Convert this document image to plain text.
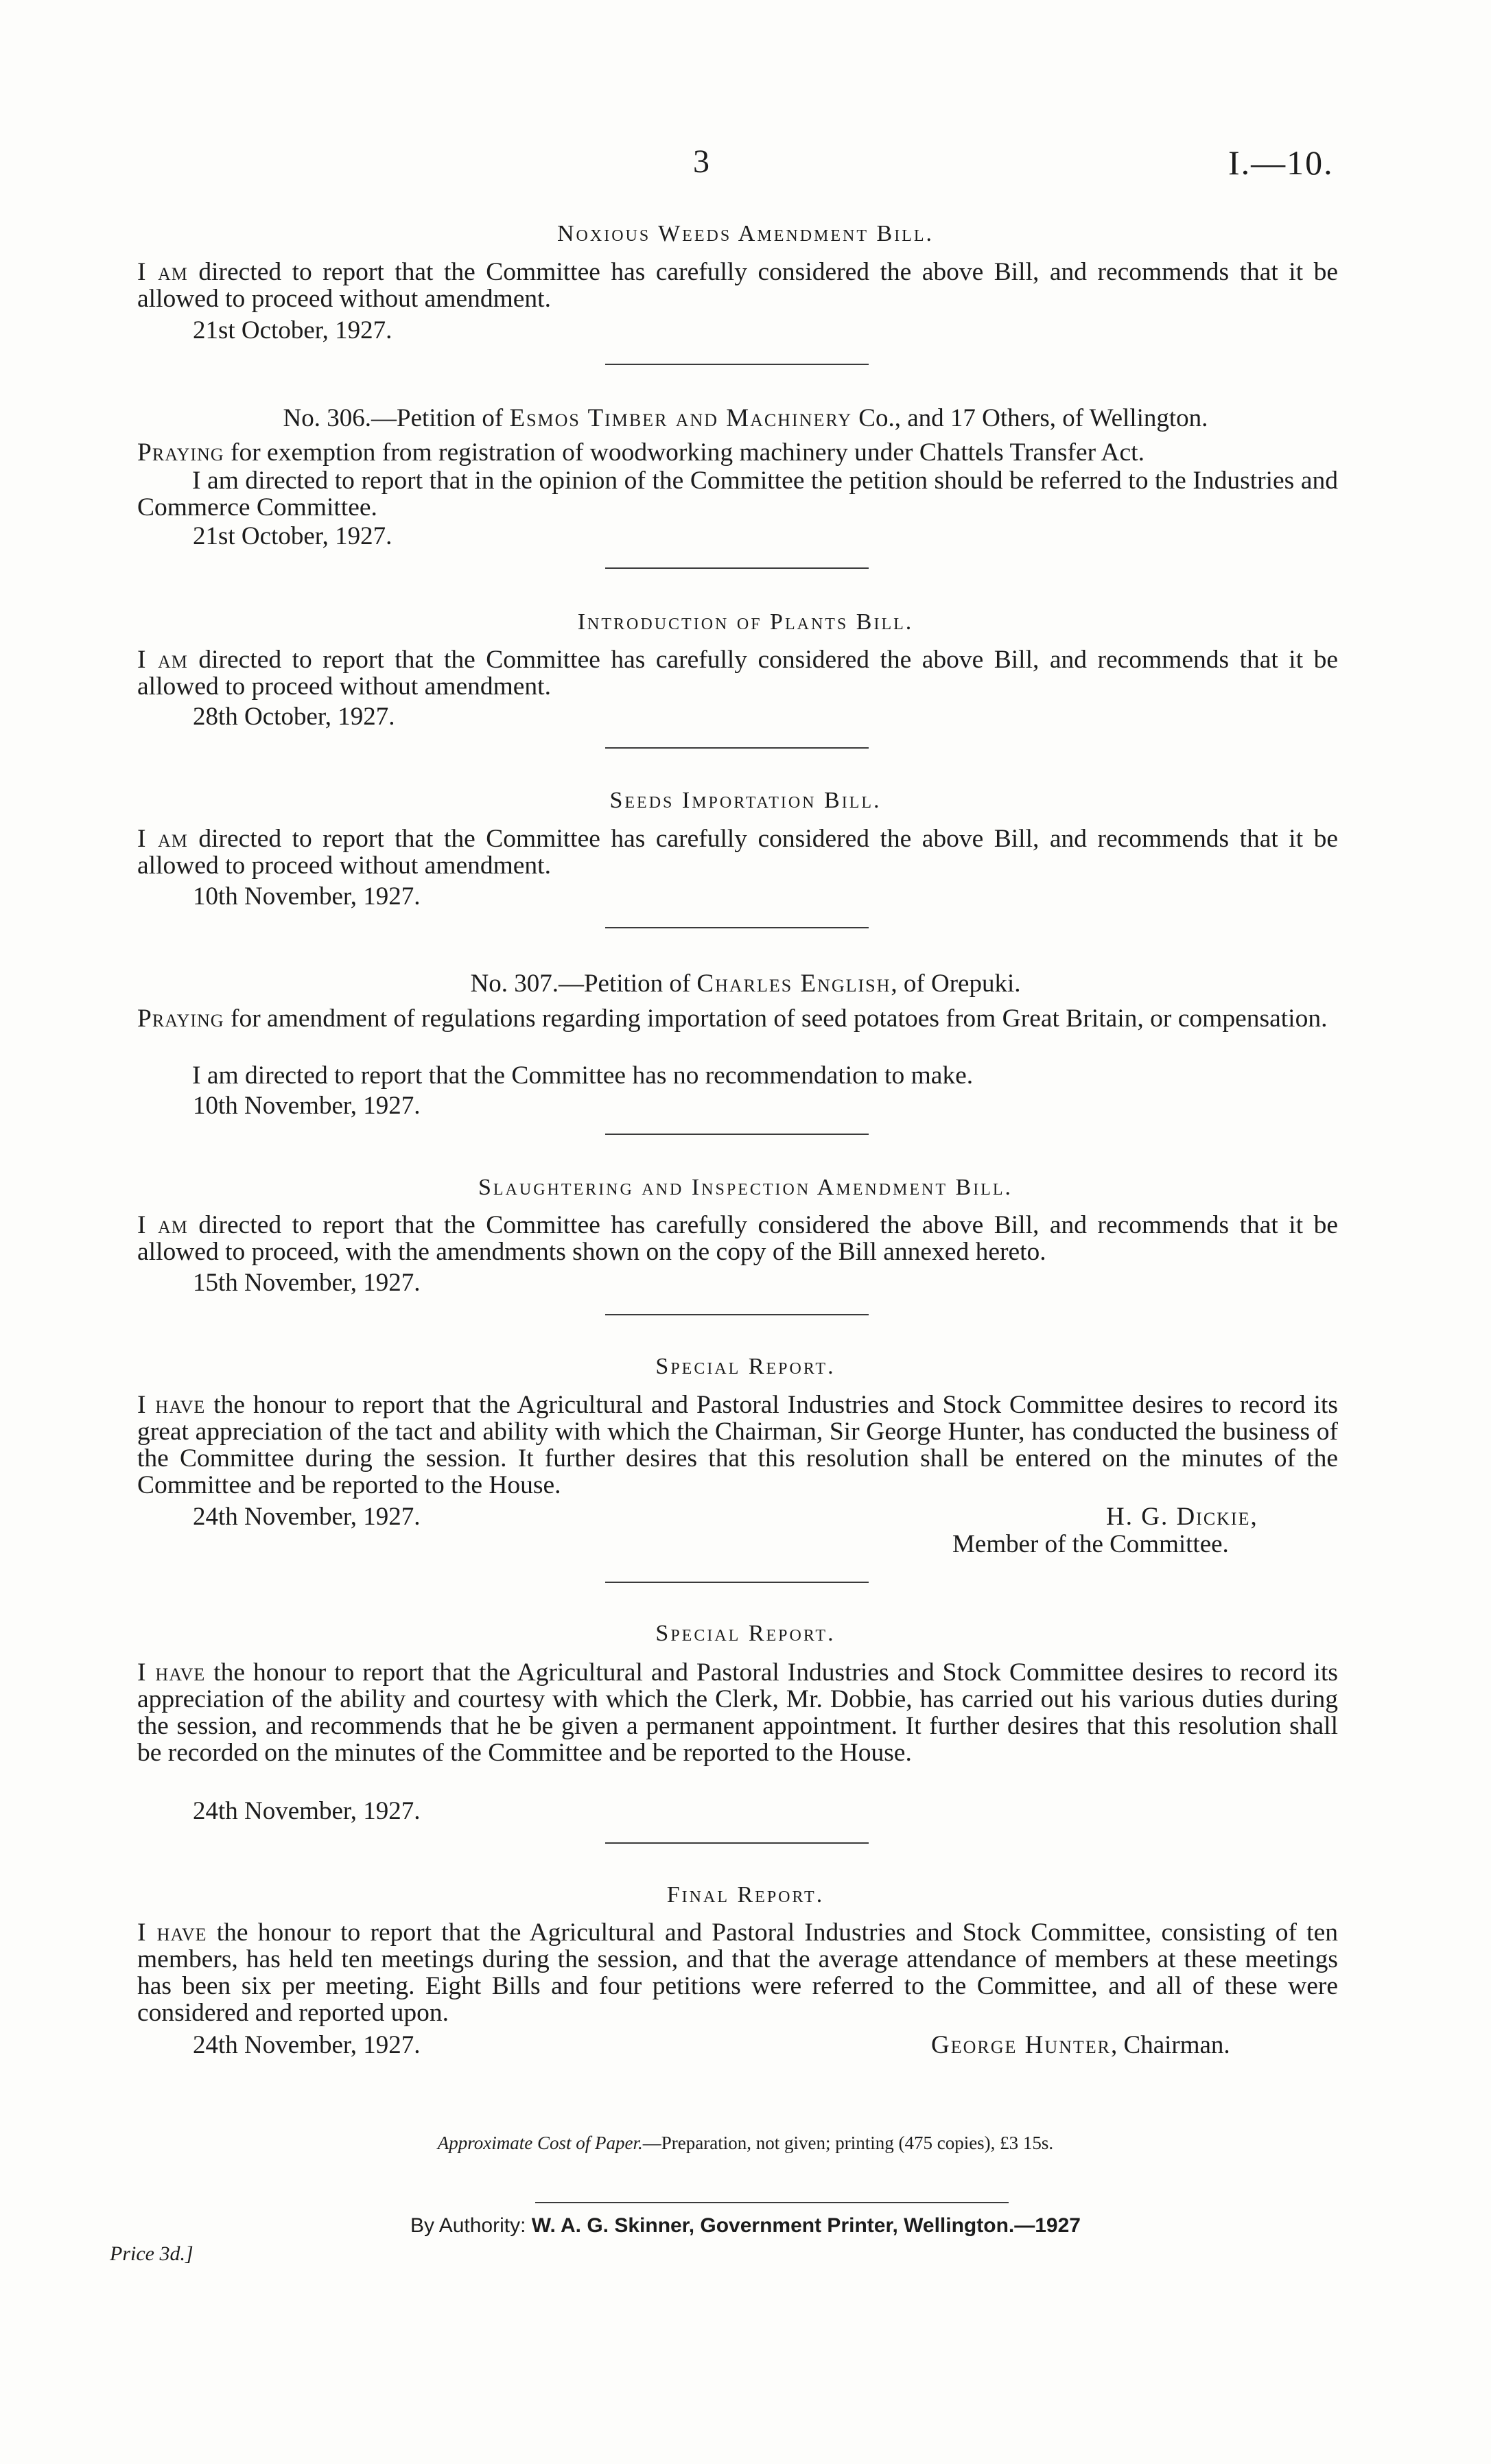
3	I.—10.
Noxious Weeds Amendment Bill.

I am directed to report that the Committee has carefully considered the above Bill, and recommends that it be allowed to proceed without amendment.

21st October, 1927.

No. 306.—Petition of Esmos Timber and Machinery Co., and 17 Others, of Wellington.

Praying for exemption from registration of woodworking machinery under Chattels Transfer Act.

I am directed to report that in the opinion of the Committee the petition should be referred to the Industries and Commerce Committee.

21st October, 1927.

Introduction of Plants Bill.

I am directed to report that the Committee has carefully considered the above Bill, and recommends that it be allowed to proceed without amendment.

28th October, 1927.

Seeds Importation Bill.

I am directed to report that the Committee has carefully considered the above Bill, and recommends that it be allowed to proceed without amendment.

10th November, 1927.

No. 307.—Petition of Charles English, of Orepuki.

Praying for amendment of regulations regarding importation of seed potatoes from Great Britain, or compensation.

I am directed to report that the Committee has no recommendation to make.

10th November, 1927.

Slaughtering and Inspection Amendment Bill.

I am directed to report that the Committee has carefully considered the above Bill, and recommends that it be allowed to proceed, with the amendments shown on the copy of the Bill annexed hereto.

15th November, 1927.

Special Report.

I have the honour to report that the Agricultural and Pastoral Industries and Stock Committee desires to record its great appreciation of the tact and ability with which the Chairman, Sir George Hunter, has conducted the business of the Committee during the session. It further desires that this resolution shall be entered on the minutes of the Committee and be reported to the House.

24th November, 1927.	H. G. Dickie,
Member of the Committee.
Special Report.

I have the honour to report that the Agricultural and Pastoral Industries and Stock Committee desires to record its appreciation of the ability and courtesy with which the Clerk, Mr. Dobbie, has carried out his various duties during the session, and recommends that he be given a permanent appointment. It further desires that this resolution shall be recorded on the minutes of the Committee and be reported to the House.

24th November, 1927.

Final Report.

I have the honour to report that the Agricultural and Pastoral Industries and Stock Committee, consisting of ten members, has held ten meetings during the session, and that the average attendance of members at these meetings has been six per meeting. Eight Bills and four petitions were referred to the Committee, and all of these were considered and reported upon.

24th November, 1927.	George Hunter, Chairman.
Approximate Cost of Paper.—Preparation, not given; printing (475 copies), £3 15s.
By Authority: W. A. G. Skinner, Government Printer, Wellington.—1927
Price 3d.]
